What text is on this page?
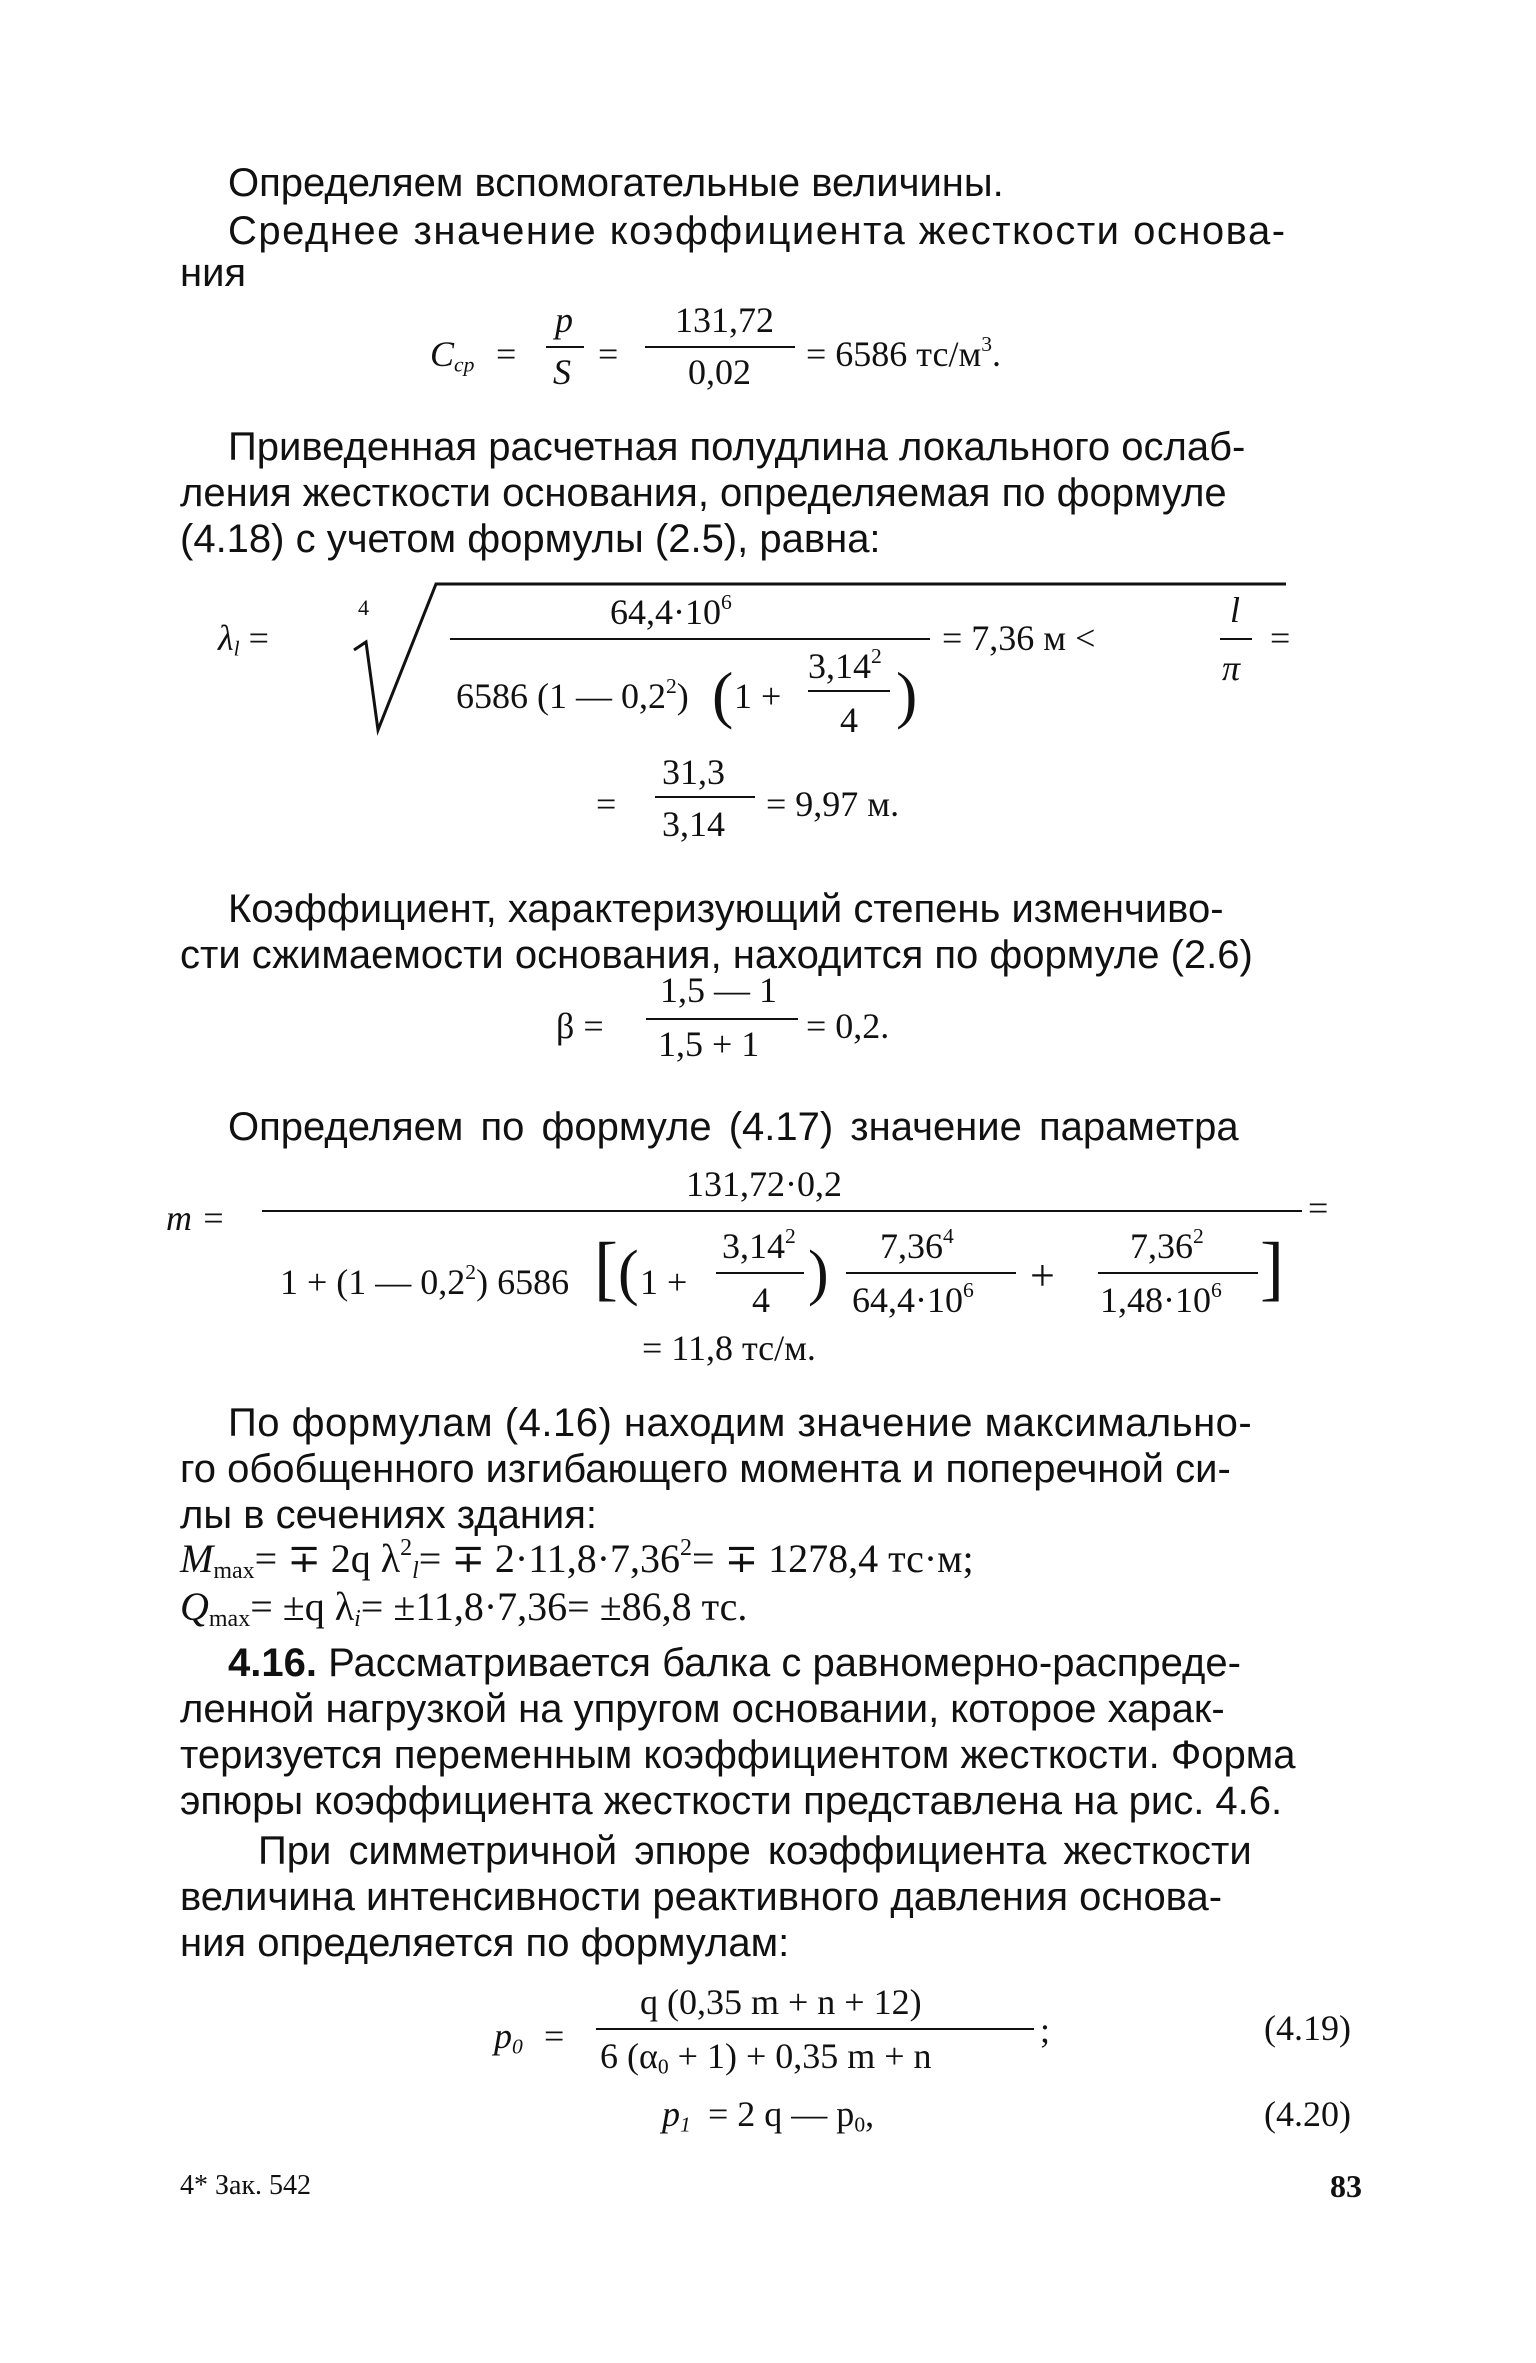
Определяем вспомогательные величины.
Среднее значение коэффициента жесткости основа-
ния
$C_{ср}$ =
p
S =
131,72
0,02 = 6586 $тс/м^3$.
Приведенная расчетная полудлина локального ослаб-
ления жесткости основания, определяемая по формуле
(4.18) с учетом формулы (2.5), равна:
$\lambda_l$ =
4	$64,4\cdot 10^6$
6586 (1 — $0,2^2$) ( 1 +
$3,14^2$
4 )
= 7,36 м <
l
π
=
=
31,3
3,14 = 9,97 м.
Коэффициент, характеризующий степень изменчиво-
сти сжимаемости основания, находится по формуле (2.6)
β =
1,5 — 1
1,5 + 1 = 0,2.
Определяем по формуле (4.17) значение параметра
m =
131,72·0,2
1 + (1 — $0,2^2$) 6586 [ ( 1 +
$3,14^2$
4 ) 7,36$^4$
$64,4\cdot 10^6$ +
$7,36^2$
$1,48\cdot 10^6$ ]
=
= 11,8 тс/м.
По формулам (4.16) находим значение максимально-
го обобщенного изгибающего момента и поперечной си-
лы в сечениях здания:
$M_{max}= \mp 2q$ $\lambda^2_l= \mp 2\cdot 11,8\cdot 7,36^2= \mp 1278,4$ тс·м;
$Q_{max}= \pm q$ $\lambda_i= \pm 11,8\cdot 7,36= \pm 86,8$ тс.
4.16. Рассматривается балка с равномерно-распреде-
ленной нагрузкой на упругом основании, которое харак-
теризуется переменным коэффициентом жесткости. Форма
эпюры коэффициента жесткости представлена на рис. 4.6.
При симметричной эпюре коэффициента жесткости
величина интенсивности реактивного давления основа-
ния определяется по формулам:
$p_0$ =
q (0,35 m + n + 12)
6 $(\alpha_0 + 1) + 0,35$ m + n
;	(4.19)
$p_1 = 2$ q — $p_0$,	(4.20)
4* Зак. 542	83
